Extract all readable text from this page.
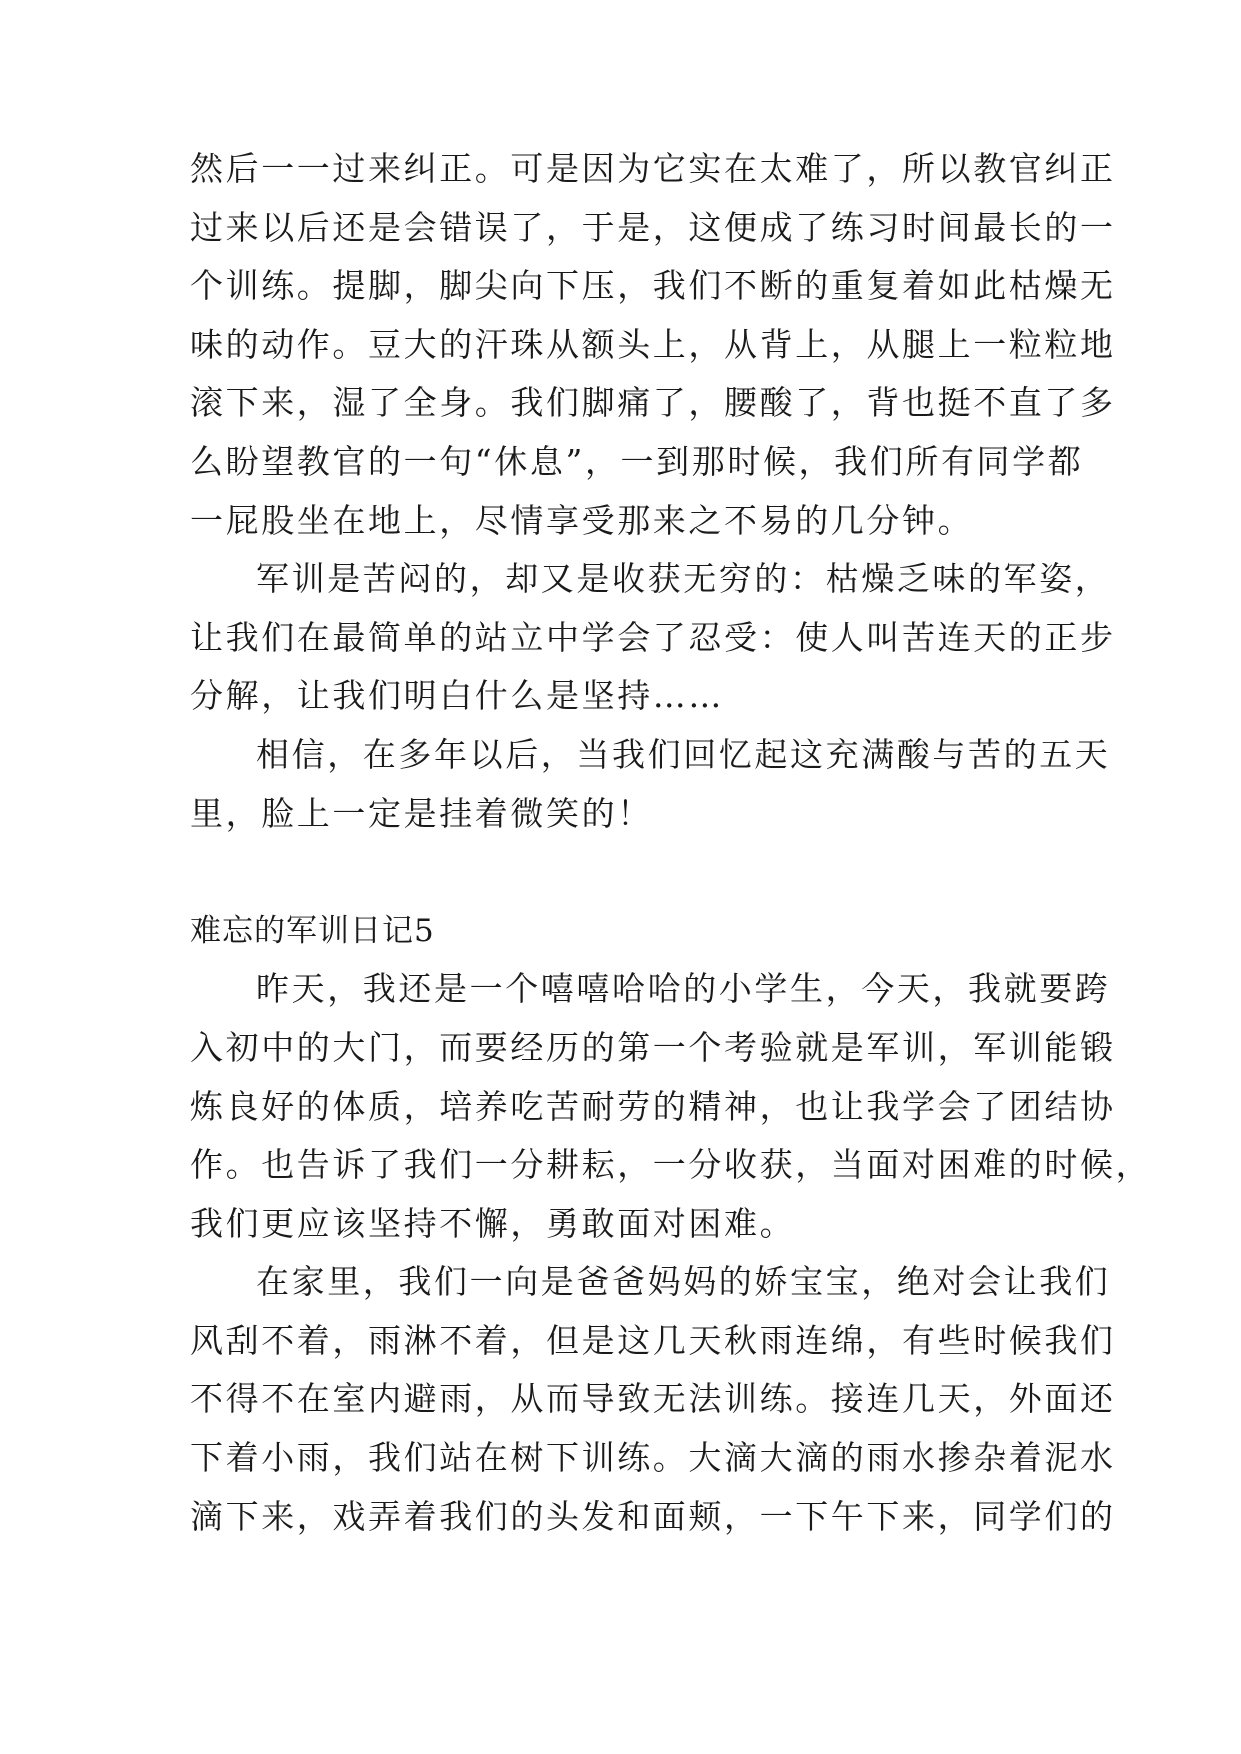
然后一一过来纠正。可是因为它实在太难了，所以教官纠正
过来以后还是会错误了，于是，这便成了练习时间最长的一
个训练。提脚，脚尖向下压，我们不断的重复着如此枯燥无
味的动作。豆大的汗珠从额头上，从背上，从腿上一粒粒地
滚下来，湿了全身。我们脚痛了，腰酸了，背也挺不直了多
么盼望教官的一句“休息”，一到那时候，我们所有同学都
一屁股坐在地上，尽情享受那来之不易的几分钟。
军训是苦闷的，却又是收获无穷的：枯燥乏味的军姿，
让我们在最简单的站立中学会了忍受：使人叫苦连天的正步
分解，让我们明白什么是坚持……
相信，在多年以后，当我们回忆起这充满酸与苦的五天
里，脸上一定是挂着微笑的！
难忘的军训日记5
昨天，我还是一个嘻嘻哈哈的小学生，今天，我就要跨
入初中的大门，而要经历的第一个考验就是军训，军训能锻
炼良好的体质，培养吃苦耐劳的精神，也让我学会了团结协
作。也告诉了我们一分耕耘，一分收获，当面对困难的时候，
我们更应该坚持不懈，勇敢面对困难。
在家里，我们一向是爸爸妈妈的娇宝宝，绝对会让我们
风刮不着，雨淋不着，但是这几天秋雨连绵，有些时候我们
不得不在室内避雨，从而导致无法训练。接连几天，外面还
下着小雨，我们站在树下训练。大滴大滴的雨水掺杂着泥水
滴下来，戏弄着我们的头发和面颊，一下午下来，同学们的
